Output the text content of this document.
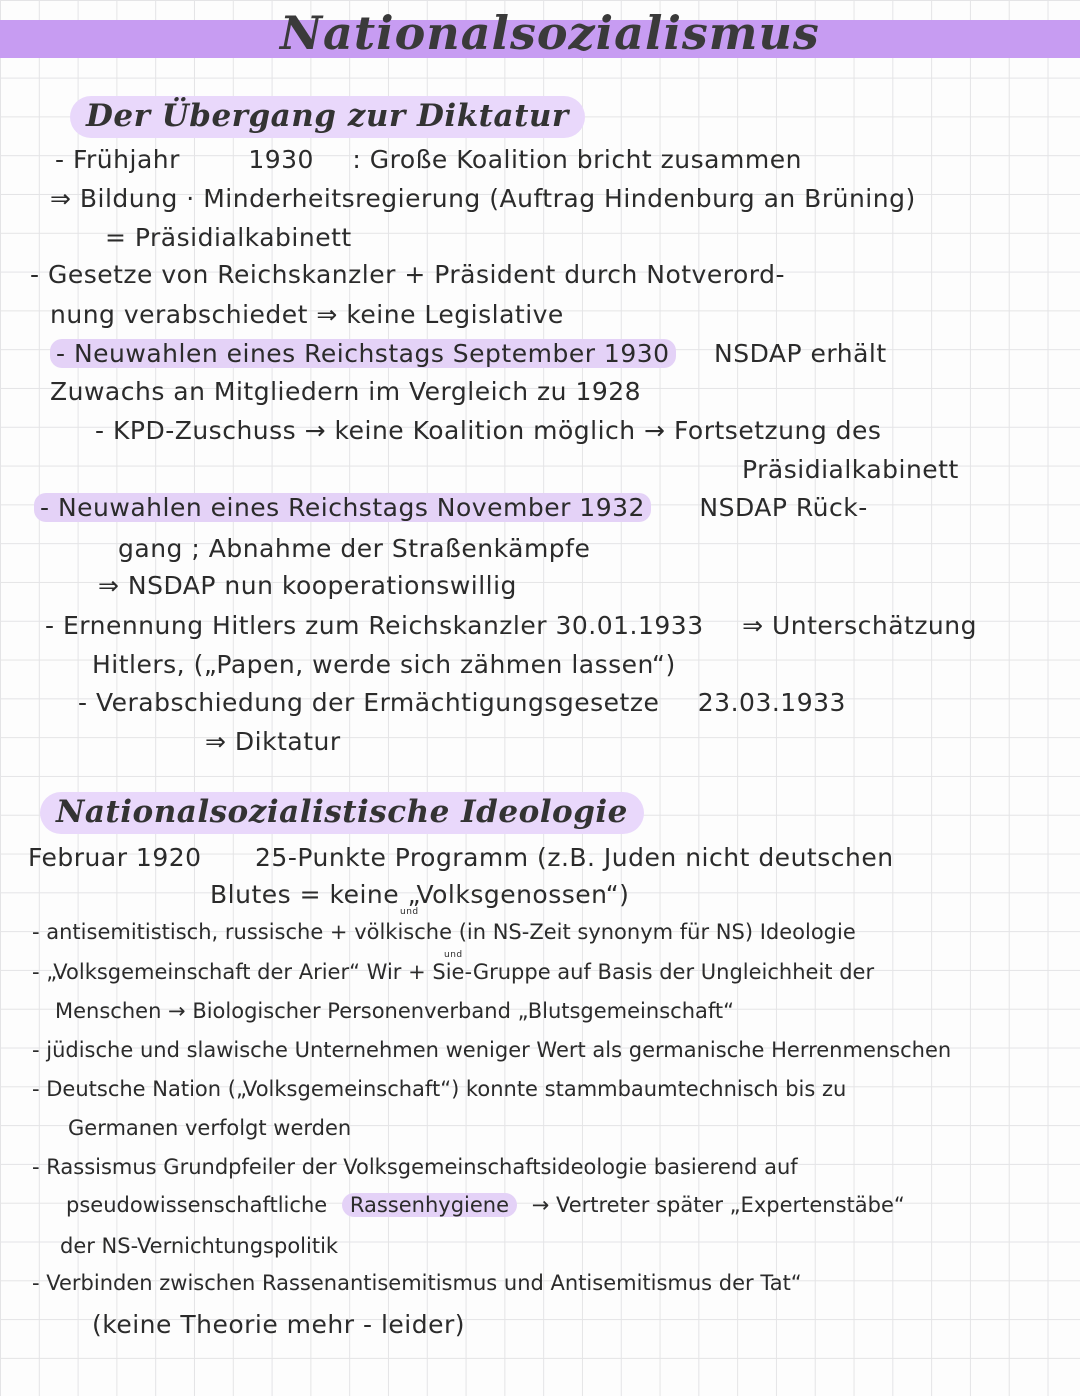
Nationalsozialismus
Der Übergang zur Diktatur
- Frühjahr	1930 : Große Koalition bricht zusammen
⇒ Bildung · Minderheitsregierung (Auftrag Hindenburg an Brüning)
= Präsidialkabinett
- Gesetze von Reichskanzler + Präsident durch Notverord-
nung verabschiedet ⇒ keine Legislative
- Neuwahlen eines Reichstags September 1930 NSDAP erhält
Zuwachs an Mitgliedern im Vergleich zu 1928
- KPD-Zuschuss → keine Koalition möglich → Fortsetzung des
Präsidialkabinett
- Neuwahlen eines Reichstags November 1932 NSDAP Rück-
gang ; Abnahme der Straßenkämpfe
⇒ NSDAP nun kooperationswillig
- Ernennung Hitlers zum Reichskanzler 30.01.1933 ⇒ Unterschätzung
Hitlers, („Papen, werde sich zähmen lassen“)
- Verabschiedung der Ermächtigungsgesetze 23.03.1933
⇒ Diktatur
Nationalsozialistische Ideologie
Februar 1920 25-Punkte Programm (z.B. Juden nicht deutschen
Blutes = keine „Volksgenossen“)
und
- antisemitistisch, russische + völkische (in NS-Zeit synonym für NS) Ideologie
und
- „Volksgemeinschaft der Arier“ Wir + Sie-Gruppe auf Basis der Ungleichheit der
Menschen → Biologischer Personenverband „Blutsgemeinschaft“
- jüdische und slawische Unternehmen weniger Wert als germanische Herrenmenschen
- Deutsche Nation („Volksgemeinschaft“) konnte stammbaumtechnisch bis zu
Germanen verfolgt werden
- Rassismus Grundpfeiler der Volksgemeinschaftsideologie basierend auf
pseudowissenschaftliche Rassenhygiene → Vertreter später „Expertenstäbe“
der NS-Vernichtungspolitik
- Verbinden zwischen Rassenantisemitismus und Antisemitismus der Tat“
(keine Theorie mehr - leider)
